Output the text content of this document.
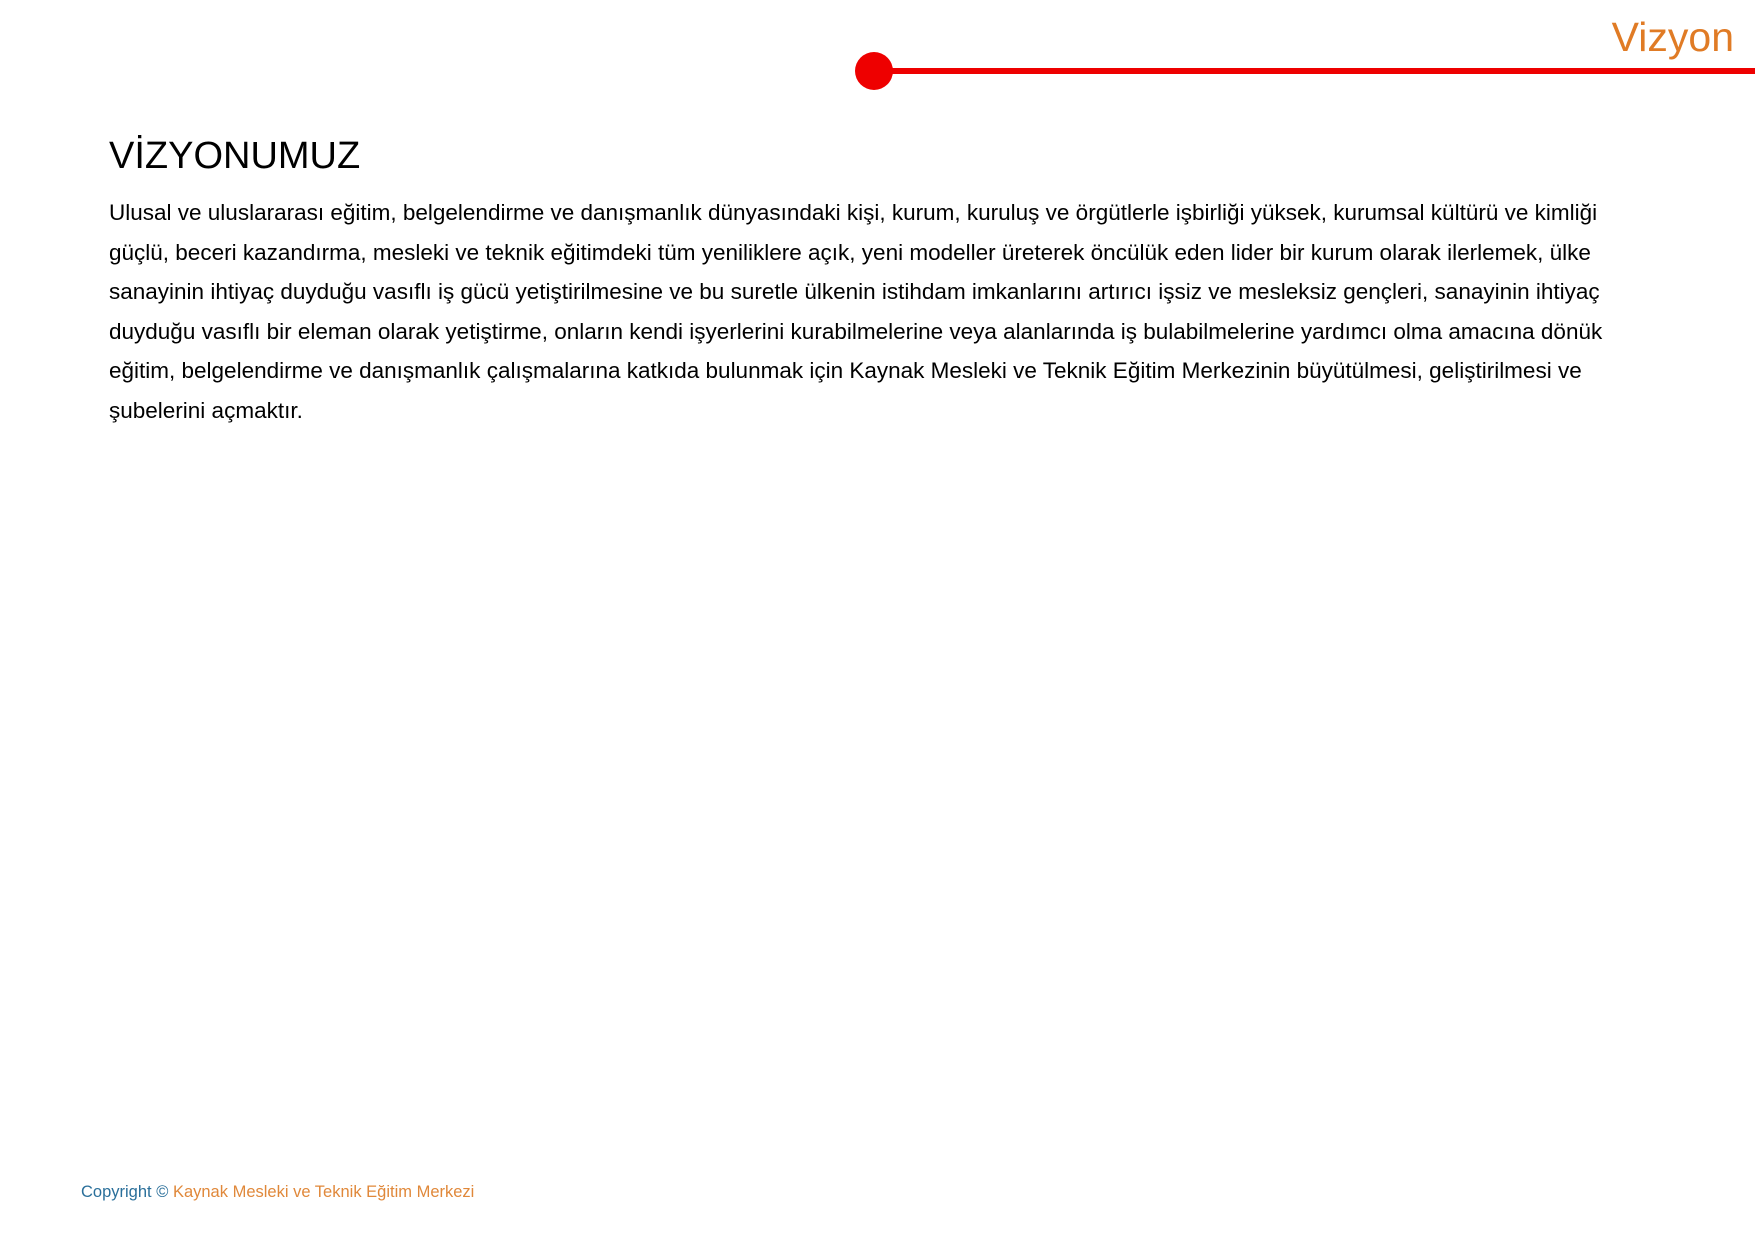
Vizyon
VİZYONUMUZ

Ulusal ve uluslararası eğitim, belgelendirme ve danışmanlık dünyasındaki kişi, kurum, kuruluş ve örgütlerle işbirliği yüksek, kurumsal kültürü ve kimliği güçlü, beceri kazandırma, mesleki ve teknik eğitimdeki tüm yeniliklere açık, yeni modeller üreterek öncülük eden lider bir kurum olarak ilerlemek, ülke sanayinin ihtiyaç duyduğu vasıflı iş gücü yetiştirilmesine ve bu suretle ülkenin istihdam imkanlarını artırıcı işsiz ve mesleksiz gençleri, sanayinin ihtiyaç duyduğu vasıflı bir eleman olarak yetiştirme, onların kendi işyerlerini kurabilmelerine veya alanlarında iş bulabilmelerine yardımcı olma amacına dönük eğitim, belgelendirme ve danışmanlık çalışmalarına katkıda bulunmak için Kaynak Mesleki ve Teknik Eğitim Merkezinin büyütülmesi, geliştirilmesi ve şubelerini açmaktır.

Copyright © Kaynak Mesleki ve Teknik Eğitim Merkezi
